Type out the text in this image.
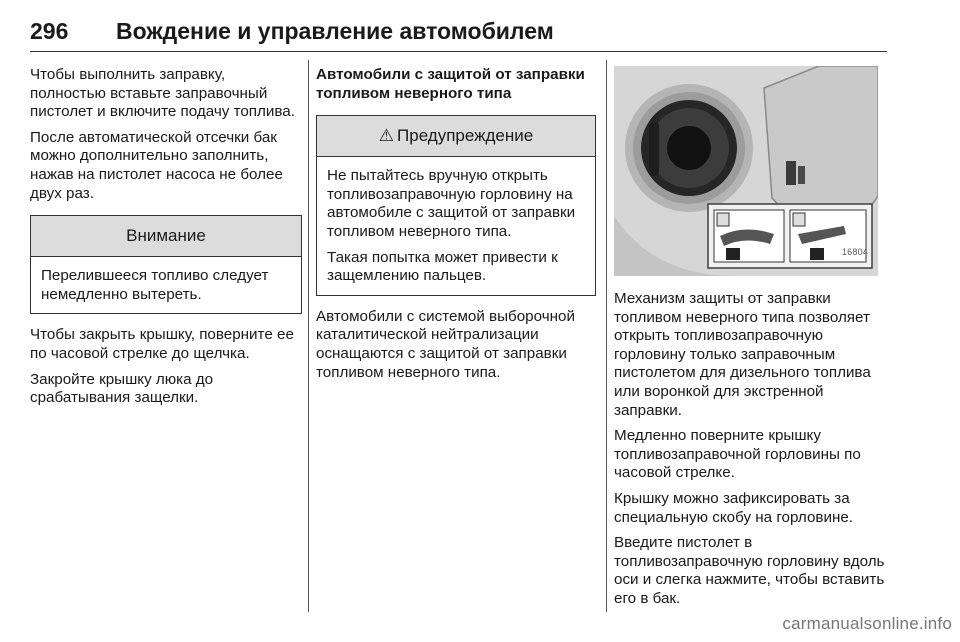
296 Вождение и управление автомобилем

Чтобы выполнить заправку, полностью вставьте заправочный пистолет и включите подачу топлива.

После автоматической отсечки бак можно дополнительно заполнить, нажав на пистолет насоса не более двух раз.

Внимание

Перелившееся топливо следует немедленно вытереть.

Чтобы закрыть крышку, поверните ее по часовой стрелке до щелчка.

Закройте крышку люка до срабатывания защелки.

Автомобили с защитой от заправки топливом неверного типа

⚠ Предупреждение

Не пытайтесь вручную открыть топливозаправочную горловину на автомобиле с защитой от заправки топливом неверного типа.

Такая попытка может привести к защемлению пальцев.

Автомобили с системой выборочной каталитической нейтрализации оснащаются с защитой от заправки топливом неверного типа.

16804

Механизм защиты от заправки топливом неверного типа позволяет открыть топливозаправочную горловину только заправочным пистолетом для дизельного топлива или воронкой для экстренной заправки.

Медленно поверните крышку топливозаправочной горловины по часовой стрелке.

Крышку можно зафиксировать за специальную скобу на горловине.

Введите пистолет в топливозаправочную горловину вдоль оси и слегка нажмите, чтобы вставить его в бак.

carmanualsonline.info
